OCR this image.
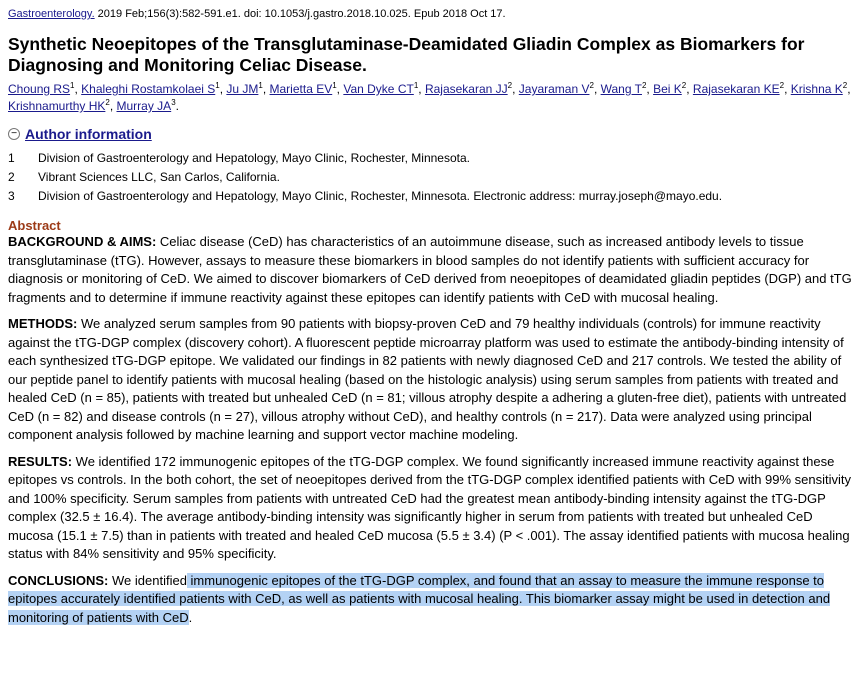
Gastroenterology. 2019 Feb;156(3):582-591.e1. doi: 10.1053/j.gastro.2018.10.025. Epub 2018 Oct 17.
Synthetic Neoepitopes of the Transglutaminase-Deamidated Gliadin Complex as Biomarkers for Diagnosing and Monitoring Celiac Disease.
Choung $RS^1$, Khaleghi Rostamkolaei $S^1$, Ju $JM^1$, Marietta $EV^1$, Van Dyke $CT^1$, Rajasekaran $JJ^2$, Jayaraman $V^2$, Wang $T^2$, Bei $K^2$, Rajasekaran $KE^2$, Krishna $K^2$, Krishnamurthy $HK^2$, Murray $JA^3$.
− Author information
1	Division of Gastroenterology and Hepatology, Mayo Clinic, Rochester, Minnesota.
2	Vibrant Sciences LLC, San Carlos, California.
3	Division of Gastroenterology and Hepatology, Mayo Clinic, Rochester, Minnesota. Electronic address: murray.joseph@mayo.edu.
Abstract

BACKGROUND & AIMS: Celiac disease (CeD) has characteristics of an autoimmune disease, such as increased antibody levels to tissue transglutaminase (tTG). However, assays to measure these biomarkers in blood samples do not identify patients with sufficient accuracy for diagnosis or monitoring of CeD. We aimed to discover biomarkers of CeD derived from neoepitopes of deamidated gliadin peptides (DGP) and tTG fragments and to determine if immune reactivity against these epitopes can identify patients with CeD with mucosal healing.

METHODS: We analyzed serum samples from 90 patients with biopsy-proven CeD and 79 healthy individuals (controls) for immune reactivity against the tTG-DGP complex (discovery cohort). A fluorescent peptide microarray platform was used to estimate the antibody-binding intensity of each synthesized tTG-DGP epitope. We validated our findings in 82 patients with newly diagnosed CeD and 217 controls. We tested the ability of our peptide panel to identify patients with mucosal healing (based on the histologic analysis) using serum samples from patients with treated and healed CeD (n = 85), patients with treated but unhealed CeD (n = 81; villous atrophy despite a adhering a gluten-free diet), patients with untreated CeD (n = 82) and disease controls (n = 27), villous atrophy without CeD), and healthy controls (n = 217). Data were analyzed using principal component analysis followed by machine learning and support vector machine modeling.

RESULTS: We identified 172 immunogenic epitopes of the tTG-DGP complex. We found significantly increased immune reactivity against these epitopes vs controls. In the both cohort, the set of neoepitopes derived from the tTG-DGP complex identified patients with CeD with 99% sensitivity and 100% specificity. Serum samples from patients with untreated CeD had the greatest mean antibody-binding intensity against the tTG-DGP complex (32.5 ± 16.4). The average antibody-binding intensity was significantly higher in serum from patients with treated but unhealed CeD mucosa (15.1 ± 7.5) than in patients with treated and healed CeD mucosa (5.5 ± 3.4) (P < .001). The assay identified patients with mucosa healing status with 84% sensitivity and 95% specificity.

CONCLUSIONS: We identified immunogenic epitopes of the tTG-DGP complex, and found that an assay to measure the immune response to epitopes accurately identified patients with CeD, as well as patients with mucosal healing. This biomarker assay might be used in detection and monitoring of patients with CeD.
